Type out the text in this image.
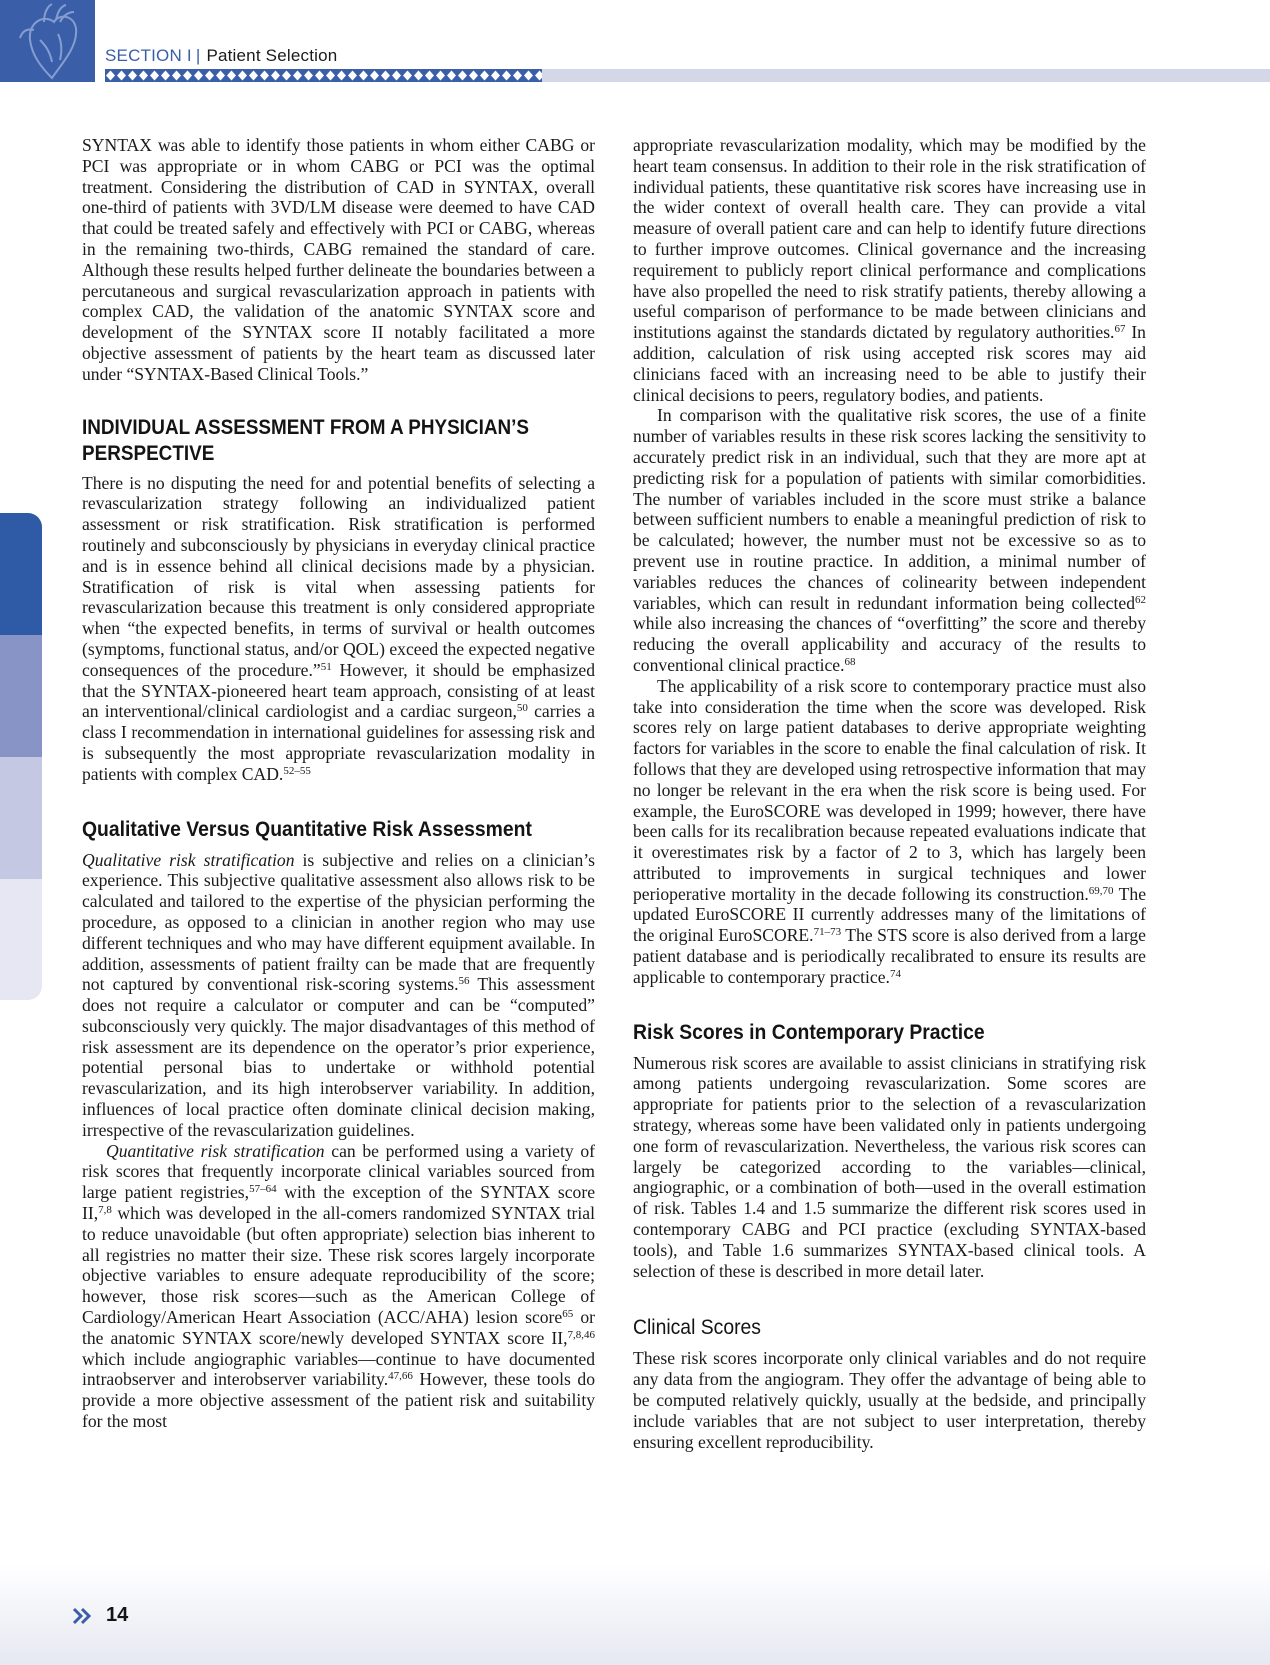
SECTION I | Patient Selection

SYNTAX was able to identify those patients in whom either CABG or PCI was appropriate or in whom CABG or PCI was the optimal treatment. Considering the distribution of CAD in SYNTAX, overall one-third of patients with 3VD/LM disease were deemed to have CAD that could be treated safely and effectively with PCI or CABG, whereas in the remaining two-thirds, CABG remained the standard of care. Although these results helped further delineate the boundaries between a percutaneous and surgical revascularization approach in patients with complex CAD, the validation of the anatomic SYNTAX score and development of the SYNTAX score II notably facilitated a more objective assessment of patients by the heart team as discussed later under “SYNTAX-Based Clinical Tools.”

INDIVIDUAL ASSESSMENT FROM A PHYSICIAN’S
PERSPECTIVE

There is no disputing the need for and potential benefits of selecting a revascularization strategy following an individualized patient assessment or risk stratification. Risk stratification is performed routinely and subconsciously by physicians in everyday clinical practice and is in essence behind all clinical decisions made by a physician. Stratification of risk is vital when assessing patients for revascularization because this treatment is only considered appropriate when “the expected benefits, in terms of survival or health outcomes (symptoms, functional status, and/or QOL) exceed the expected negative consequences of the procedure.”$^{51}$ However, it should be emphasized that the SYNTAX-pioneered heart team approach, consisting of at least an interventional/clinical cardiologist and a cardiac surgeon,$^{50}$ carries a class I recommendation in international guidelines for assessing risk and is subsequently the most appropriate revascularization modality in patients with complex CAD.$^{52-55}$

Qualitative Versus Quantitative Risk Assessment

Qualitative risk stratification is subjective and relies on a clinician’s experience. This subjective qualitative assessment also allows risk to be calculated and tailored to the expertise of the physician performing the procedure, as opposed to a clinician in another region who may use different techniques and who may have different equipment available. In addition, assessments of patient frailty can be made that are frequently not captured by conventional risk-scoring systems.$^{56}$ This assessment does not require a calculator or computer and can be “computed” subconsciously very quickly. The major disadvantages of this method of risk assessment are its dependence on the operator’s prior experience, potential personal bias to undertake or withhold potential revascularization, and its high interobserver variability. In addition, influences of local practice often dominate clinical decision making, irrespective of the revascularization guidelines.

Quantitative risk stratification can be performed using a variety of risk scores that frequently incorporate clinical variables sourced from large patient registries,$^{57-64}$ with the exception of the SYNTAX score II,$^{7,8}$ which was developed in the all-comers randomized SYNTAX trial to reduce unavoidable (but often appropriate) selection bias inherent to all registries no matter their size. These risk scores largely incorporate objective variables to ensure adequate reproducibility of the score; however, those risk scores—such as the American College of Cardiology/American Heart Association (ACC/AHA) lesion score$^{65}$ or the anatomic SYNTAX score/newly developed SYNTAX score II,$^{7,8,46}$ which include angiographic variables—continue to have documented intraobserver and interobserver variability.$^{47,66}$ However, these tools do provide a more objective assessment of the patient risk and suitability for the most

appropriate revascularization modality, which may be modified by the heart team consensus. In addition to their role in the risk stratification of individual patients, these quantitative risk scores have increasing use in the wider context of overall health care. They can provide a vital measure of overall patient care and can help to identify future directions to further improve outcomes. Clinical governance and the increasing requirement to publicly report clinical performance and complications have also propelled the need to risk stratify patients, thereby allowing a useful comparison of performance to be made between clinicians and institutions against the standards dictated by regulatory authorities.$^{67}$ In addition, calculation of risk using accepted risk scores may aid clinicians faced with an increasing need to be able to justify their clinical decisions to peers, regulatory bodies, and patients.

In comparison with the qualitative risk scores, the use of a finite number of variables results in these risk scores lacking the sensitivity to accurately predict risk in an individual, such that they are more apt at predicting risk for a population of patients with similar comorbidities. The number of variables included in the score must strike a balance between sufficient numbers to enable a meaningful prediction of risk to be calculated; however, the number must not be excessive so as to prevent use in routine practice. In addition, a minimal number of variables reduces the chances of colinearity between independent variables, which can result in redundant information being collected$^{62}$ while also increasing the chances of “overfitting” the score and thereby reducing the overall applicability and accuracy of the results to conventional clinical practice.$^{68}$

The applicability of a risk score to contemporary practice must also take into consideration the time when the score was developed. Risk scores rely on large patient databases to derive appropriate weighting factors for variables in the score to enable the final calculation of risk. It follows that they are developed using retrospective information that may no longer be relevant in the era when the risk score is being used. For example, the EuroSCORE was developed in 1999; however, there have been calls for its recalibration because repeated evaluations indicate that it overestimates risk by a factor of 2 to 3, which has largely been attributed to improvements in surgical techniques and lower perioperative mortality in the decade following its construction.$^{69,70}$ The updated EuroSCORE II currently addresses many of the limitations of the original EuroSCORE.$^{71-73}$ The STS score is also derived from a large patient database and is periodically recalibrated to ensure its results are applicable to contemporary practice.$^{74}$

Risk Scores in Contemporary Practice

Numerous risk scores are available to assist clinicians in stratifying risk among patients undergoing revascularization. Some scores are appropriate for patients prior to the selection of a revascularization strategy, whereas some have been validated only in patients undergoing one form of revascularization. Nevertheless, the various risk scores can largely be categorized according to the variables—clinical, angiographic, or a combination of both—used in the overall estimation of risk. Tables 1.4 and 1.5 summarize the different risk scores used in contemporary CABG and PCI practice (excluding SYNTAX-based tools), and Table 1.6 summarizes SYNTAX-based clinical tools. A selection of these is described in more detail later.

Clinical Scores

These risk scores incorporate only clinical variables and do not require any data from the angiogram. They offer the advantage of being able to be computed relatively quickly, usually at the bedside, and principally include variables that are not subject to user interpretation, thereby ensuring excellent reproducibility.

14
